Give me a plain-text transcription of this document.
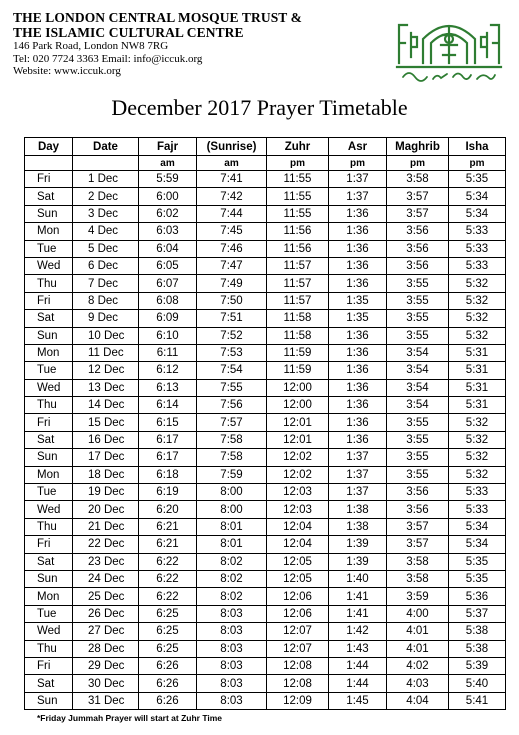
THE LONDON CENTRAL MOSQUE TRUST &
THE ISLAMIC CULTURAL CENTRE
146 Park Road, London NW8 7RG
Tel: 020 7724 3363 Email: info@iccuk.org
Website: www.iccuk.org
December 2017 Prayer Timetable
Day	Date	Fajr	(Sunrise)	Zuhr	Asr	Maghrib	Isha
		am	am	pm	pm	pm	pm
Fri	1 Dec	5:59	7:41	11:55	1:37	3:58	5:35
Sat	2 Dec	6:00	7:42	11:55	1:37	3:57	5:34
Sun	3 Dec	6:02	7:44	11:55	1:36	3:57	5:34
Mon	4 Dec	6:03	7:45	11:56	1:36	3:56	5:33
Tue	5 Dec	6:04	7:46	11:56	1:36	3:56	5:33
Wed	6 Dec	6:05	7:47	11:57	1:36	3:56	5:33
Thu	7 Dec	6:07	7:49	11:57	1:36	3:55	5:32
Fri	8 Dec	6:08	7:50	11:57	1:35	3:55	5:32
Sat	9 Dec	6:09	7:51	11:58	1:35	3:55	5:32
Sun	10 Dec	6:10	7:52	11:58	1:36	3:55	5:32
Mon	11 Dec	6:11	7:53	11:59	1:36	3:54	5:31
Tue	12 Dec	6:12	7:54	11:59	1:36	3:54	5:31
Wed	13 Dec	6:13	7:55	12:00	1:36	3:54	5:31
Thu	14 Dec	6:14	7:56	12:00	1:36	3:54	5:31
Fri	15 Dec	6:15	7:57	12:01	1:36	3:55	5:32
Sat	16 Dec	6:17	7:58	12:01	1:36	3:55	5:32
Sun	17 Dec	6:17	7:58	12:02	1:37	3:55	5:32
Mon	18 Dec	6:18	7:59	12:02	1:37	3:55	5:32
Tue	19 Dec	6:19	8:00	12:03	1:37	3:56	5:33
Wed	20 Dec	6:20	8:00	12:03	1:38	3:56	5:33
Thu	21 Dec	6:21	8:01	12:04	1:38	3:57	5:34
Fri	22 Dec	6:21	8:01	12:04	1:39	3:57	5:34
Sat	23 Dec	6:22	8:02	12:05	1:39	3:58	5:35
Sun	24 Dec	6:22	8:02	12:05	1:40	3:58	5:35
Mon	25 Dec	6:22	8:02	12:06	1:41	3:59	5:36
Tue	26 Dec	6:25	8:03	12:06	1:41	4:00	5:37
Wed	27 Dec	6:25	8:03	12:07	1:42	4:01	5:38
Thu	28 Dec	6:25	8:03	12:07	1:43	4:01	5:38
Fri	29 Dec	6:26	8:03	12:08	1:44	4:02	5:39
Sat	30 Dec	6:26	8:03	12:08	1:44	4:03	5:40
Sun	31 Dec	6:26	8:03	12:09	1:45	4:04	5:41
*Friday Jummah Prayer will start at Zuhr Time
